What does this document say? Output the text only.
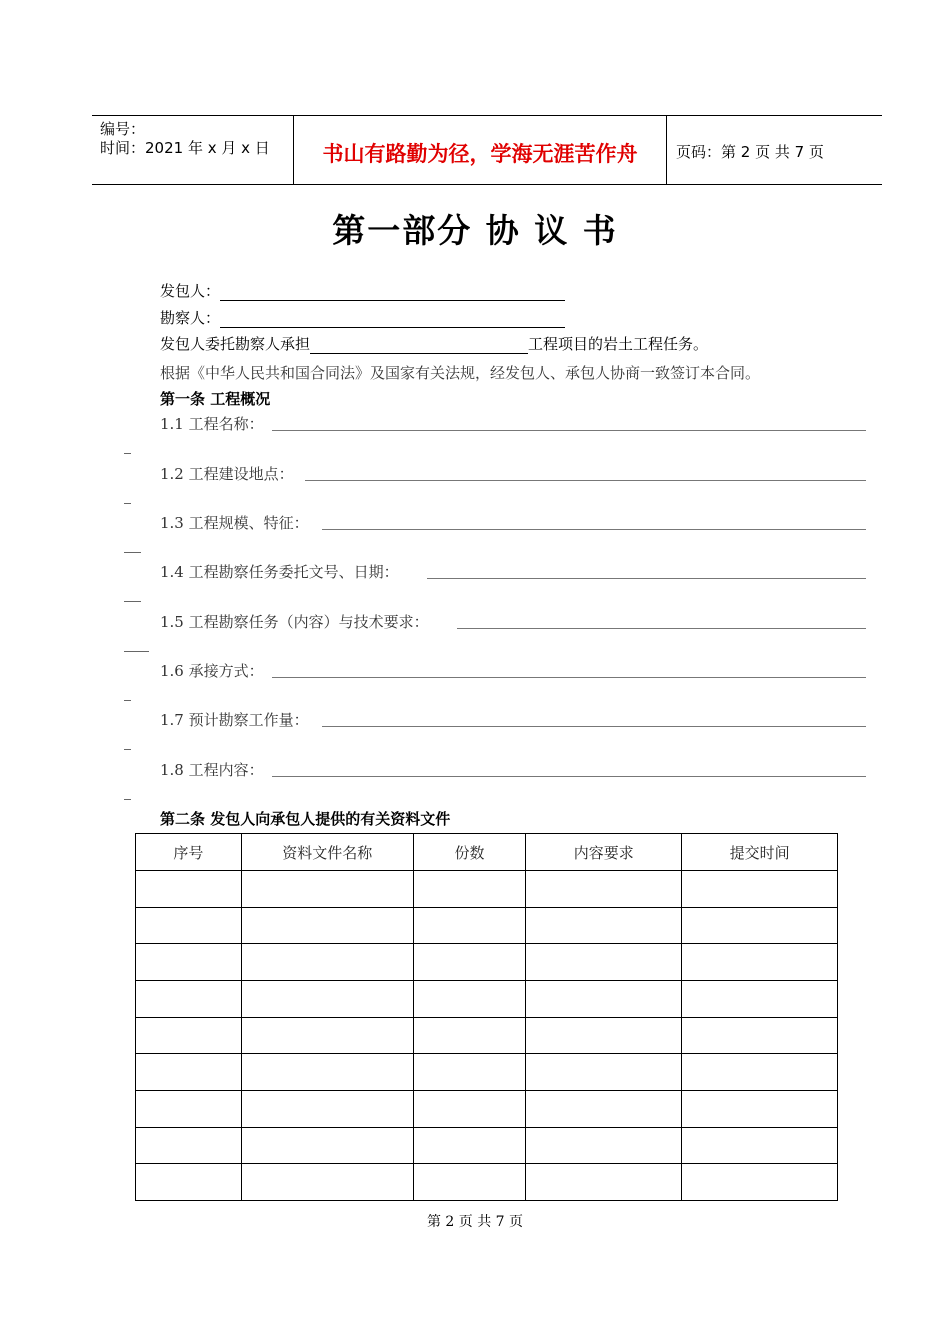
编号：
时间：2021 年 x 月 x 日	书山有路勤为径，学海无涯苦作舟	页码：第 2 页 共 7 页
第一部分 协 议 书
发包人：
勘察人：
发包人委托勘察人承担	工程项目的岩土工程任务。
根据《中华人民共和国合同法》及国家有关法规，经发包人、承包人协商一致签订本合同。
第一条 工程概况
1.1 工程名称：
1.2 工程建设地点：
1.3 工程规模、特征：
1.4 工程勘察任务委托文号、日期：
1.5 工程勘察任务（内容）与技术要求：
1.6 承接方式：
1.7 预计勘察工作量：
1.8 工程内容：
第二条 发包人向承包人提供的有关资料文件
序号	资料文件名称	份数	内容要求	提交时间

第 2 页 共 7 页
